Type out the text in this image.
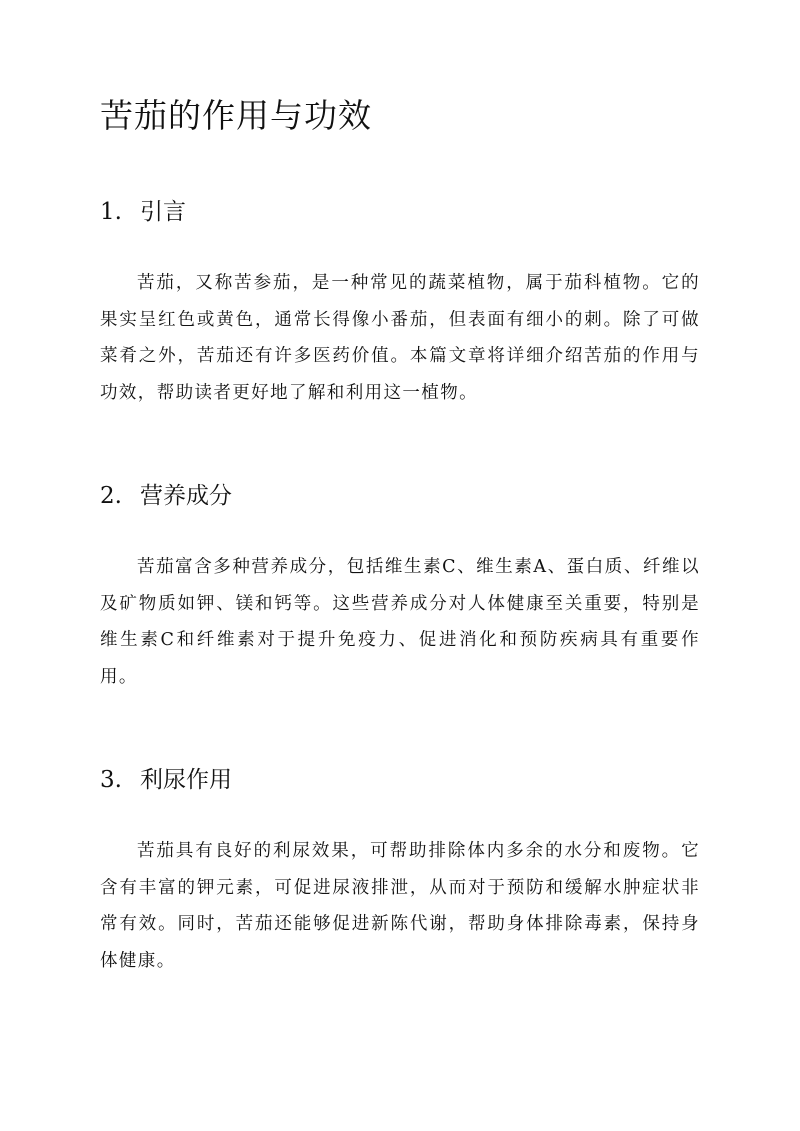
苦茄的作用与功效
1. 引言

苦茄，又称苦参茄，是一种常见的蔬菜植物，属于茄科植物。它的果实呈红色或黄色，通常长得像小番茄，但表面有细小的刺。除了可做菜肴之外，苦茄还有许多医药价值。本篇文章将详细介绍苦茄的作用与功效，帮助读者更好地了解和利用这一植物。

2. 营养成分

苦茄富含多种营养成分，包括维生素C、维生素A、蛋白质、纤维以及矿物质如钾、镁和钙等。这些营养成分对人体健康至关重要，特别是维生素C和纤维素对于提升免疫力、促进消化和预防疾病具有重要作用。

3. 利尿作用

苦茄具有良好的利尿效果，可帮助排除体内多余的水分和废物。它含有丰富的钾元素，可促进尿液排泄，从而对于预防和缓解水肿症状非常有效。同时，苦茄还能够促进新陈代谢，帮助身体排除毒素，保持身体健康。
